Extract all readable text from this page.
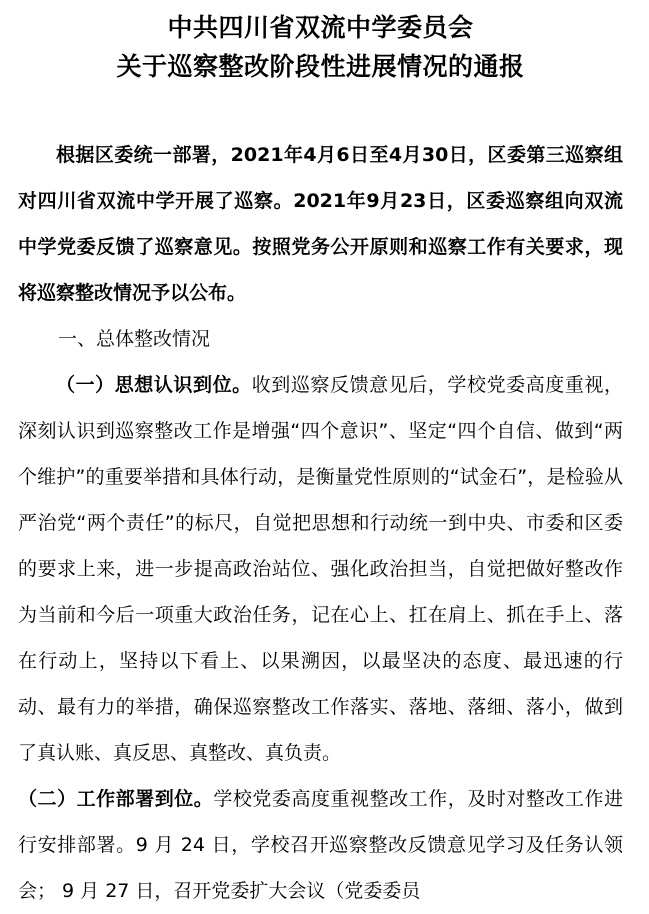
中共四川省双流中学委员会
关于巡察整改阶段性进展情况的通报

根据区委统一部署，2021年4月6日至4月30日，区委第三巡察组对四川省双流中学开展了巡察。2021年9月23日，区委巡察组向双流中学党委反馈了巡察意见。按照党务公开原则和巡察工作有关要求，现将巡察整改情况予以公布。

一、总体整改情况

（一）思想认识到位。收到巡察反馈意见后，学校党委高度重视，深刻认识到巡察整改工作是增强“四个意识”、坚定“四个自信、做到“两个维护”的重要举措和具体行动，是衡量党性原则的“试金石”，是检验从严治党“两个责任”的标尺，自觉把思想和行动统一到中央、市委和区委的要求上来，进一步提高政治站位、强化政治担当，自觉把做好整改作为当前和今后一项重大政治任务，记在心上、扛在肩上、抓在手上、落在行动上，坚持以下看上、以果溯因，以最坚决的态度、最迅速的行动、最有力的举措，确保巡察整改工作落实、落地、落细、落小，做到了真认账、真反思、真整改、真负责。

（二）工作部署到位。学校党委高度重视整改工作，及时对整改工作进行安排部署。9 月 24 日，学校召开巡察整改反馈意见学习及任务认领会； 9 月 27 日，召开党委扩大会议（党委委员
